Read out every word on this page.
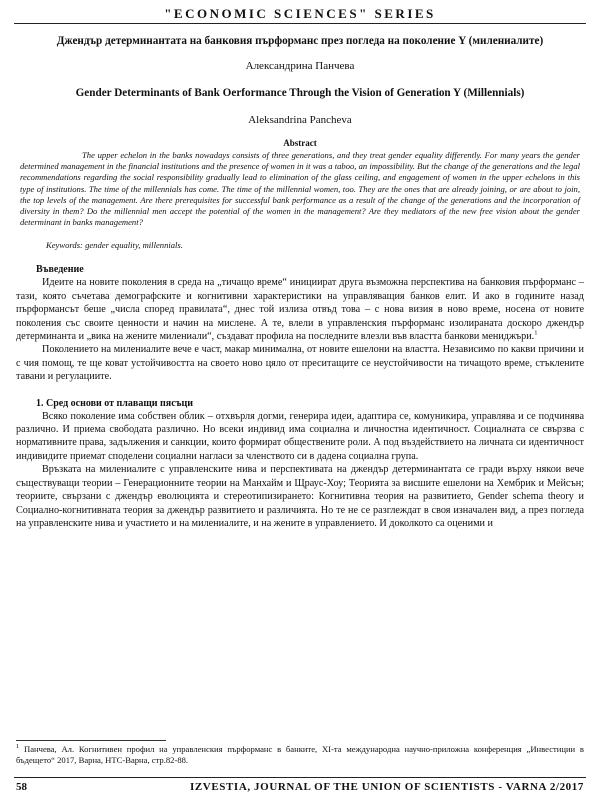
"ECONOMIC SCIENCES" SERIES
Джендър детерминантата на банковия пърформанс през погледа на поколение Y (милениалите)
Александрина Панчева
Gender Determinants of Bank Oerformance Through the Vision of Generation Y (Millennials)
Aleksandrina Pancheva
Abstract

The upper echelon in the banks nowadays consists of three generations, and they treat gender equality differently. For many years the gender determined management in the financial institutions and the presence of women in it was a taboo, an impossibility. But the change of the generations and the legal recommendations regarding the social responsibility gradually lead to elimination of the glass ceiling, and engagement of women in the upper echelons in this type of institutions. The time of the millennials has come. The time of the millennial women, too. They are the ones that are already joining, or are about to join, the top levels of the management. Are there prerequisites for successful bank performance as a result of the change of the generations and the incorporation of diversity in them? Do the millennial men accept the potential of the women in the management? Are they mediators of the new free vision about the gender determinant in banks management?

Keywords: gender equality, millennials.
Въведение

Идеите на новите поколения в среда на „тичащо време“ инициират друга възможна перспектива на банковия пърформанс – тази, която съчетава демографските и когнитивни характеристики на управляващия банков елит. И ако в годините назад пърформансът беше „числа според правилата“, днес той излиза отвъд това – с нова визия в ново време, носена от новите поколения със своите ценности и начин на мислене. А те, влели в управленския пърформанс изолираната доскоро джендър детерминанта и „вика на жените милениали“, създават профила на последните влезли във властта банкови мениджъри.$^1$

Поколението на милениалите вече е част, макар минимална, от новите ешелони на властта. Независимо по какви причини и с чия помощ, те ще коват устойчивостта на своето ново цяло от преситащите се неустойчивости на тичащото време, стъклените тавани и регулациите.

1. Сред основи от плаващи пясъци

Всяко поколение има собствен облик – отхвърля догми, генерира идеи, адаптира се, комуникира, управлява и се подчинява различно. И приема свободата различно. Но всеки индивид има социална и личностна идентичност. Социалната се свързва с нормативните права, задължения и санкции, които формират обществените роли. А под въздействието на личната си идентичност индивидите приемат споделени социални нагласи за членството си в дадена социална група.

Връзката на милениалите с управленските нива и перспективата на джендър детерминантата се гради върху някои вече съществуващи теории – Генерационните теории на Манхайм и Щраус-Хоу; Теорията за висшите ешелони на Хембрик и Мейсън; теориите, свързани с джендър еволюцията и стереотипизирането: Когнитивна теория на развитието, Gender schema theory и Социално-когнитивната теория за джендър развитието и различията. Но те не се разглеждат в своя изначален вид, а през погледа на управленските нива и участието и на милениалите, и на жените в управлението. И доколкото са оценими и

$^1$ Панчева, Ал. Когнитивен профил на управленския пърформанс в банките, XI-та международна научно-приложна конференция „Инвестиции в бъдещето“ 2017, Варна, НТС-Варна, стр.82-88.
58	IZVESTIA, JOURNAL OF THE UNION OF SCIENTISTS - VARNA 2/2017
